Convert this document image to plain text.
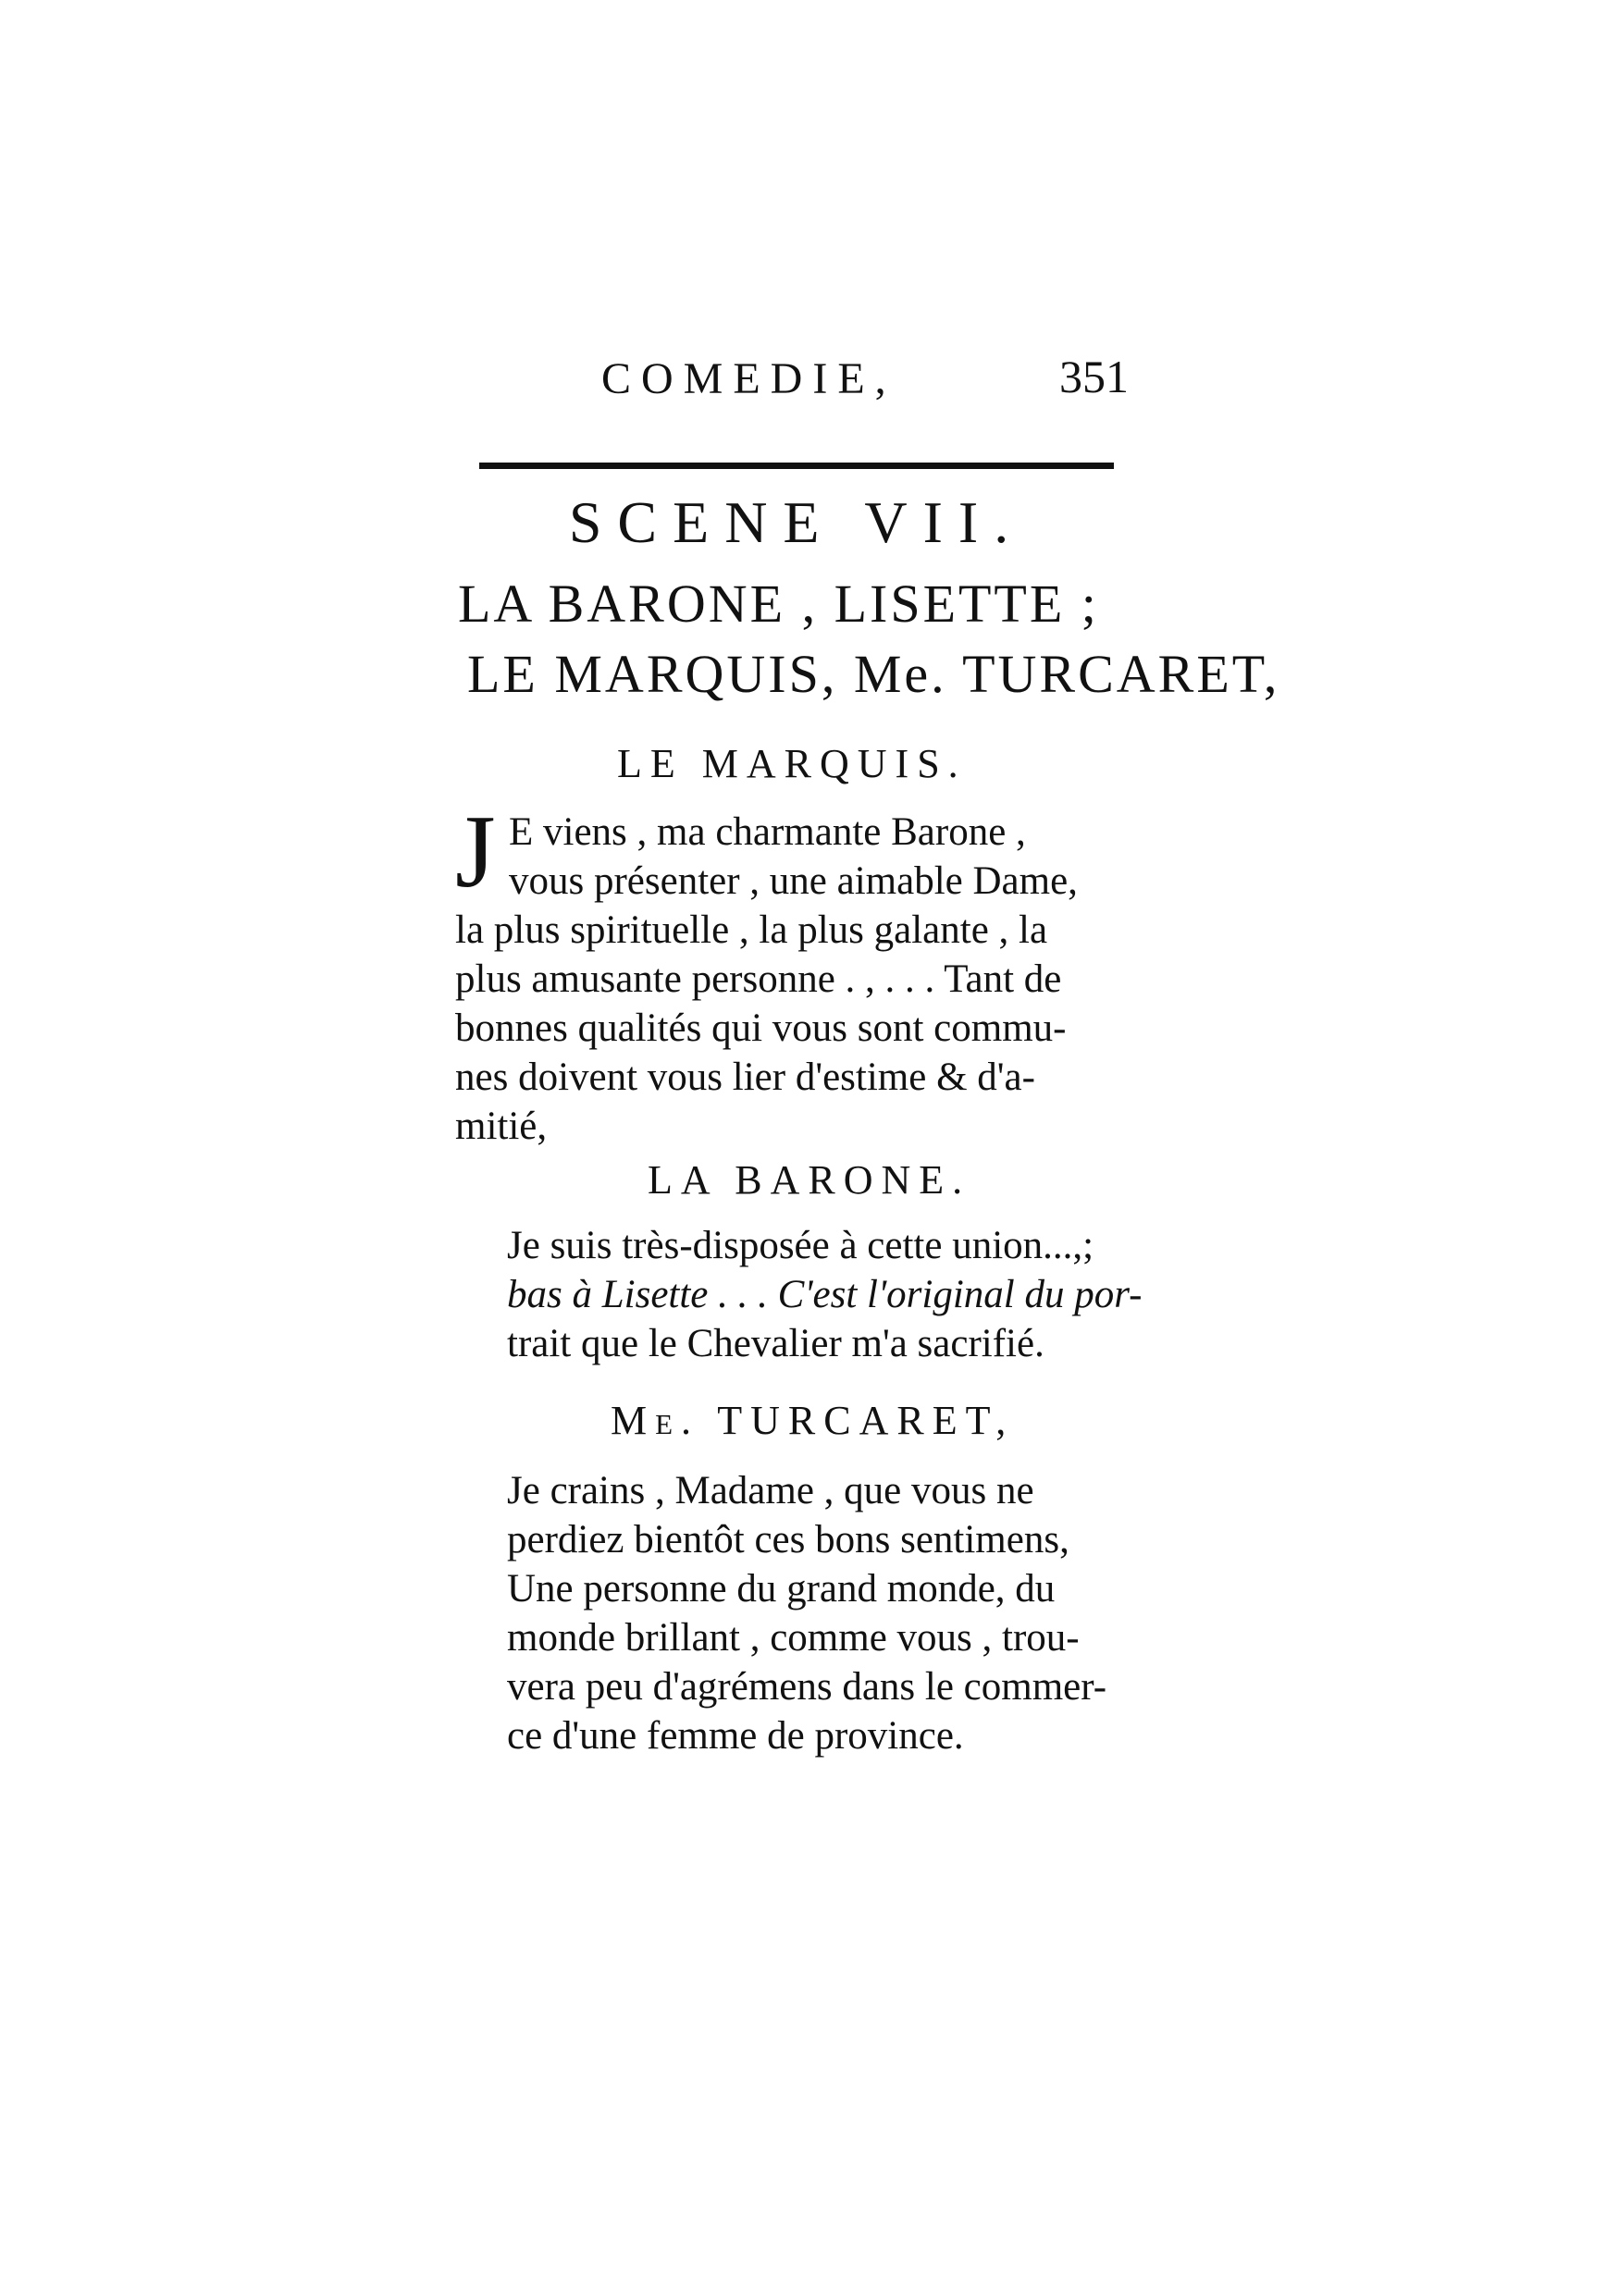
COMEDIE,	351
SCENE VII.
LA BARONE , LISETTE ;
LE MARQUIS, Me. TURCARET,
LE MARQUIS.
J E viens , ma charmante Barone ,
vous présenter , une aimable Dame,
la plus spirituelle , la plus galante , la
plus amusante personne . , . . . Tant de
bonnes qualités qui vous sont commu-
nes doivent vous lier d'estime & d'a-
mitié,
LA BARONE.
Je suis très-disposée à cette union...,;
bas à Lisette . . . C'est l'original du por-
trait que le Chevalier m'a sacrifié.
Me. TURCARET,
Je crains , Madame , que vous ne
perdiez bientôt ces bons sentimens,
Une personne du grand monde, du
monde brillant , comme vous , trou-
vera peu d'agrémens dans le commer-
ce d'une femme de province.
